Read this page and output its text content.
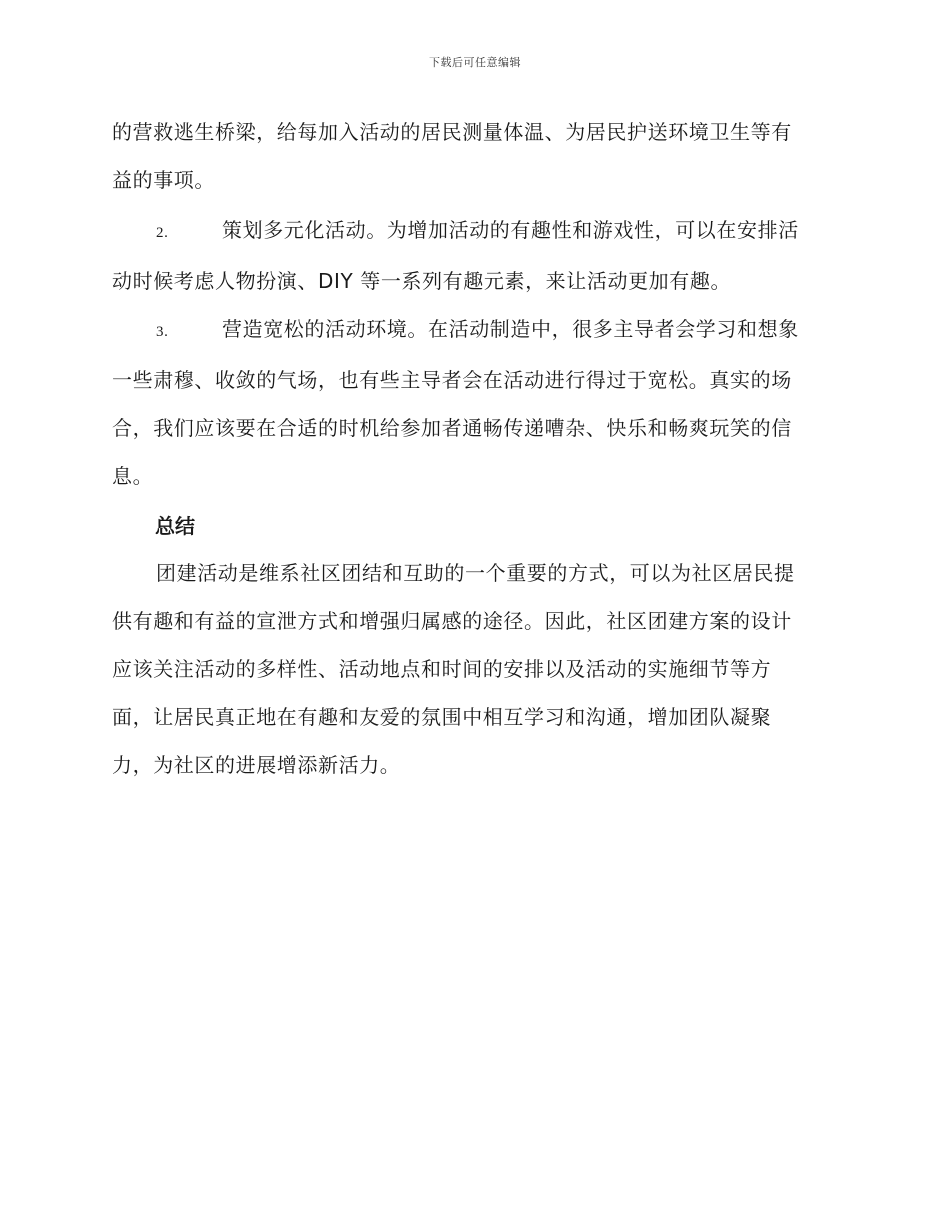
下载后可任意编辑
的营救逃生桥梁，给每加入活动的居民测量体温、为居民护送环境卫生等有
益的事项。
2.	策划多元化活动。为增加活动的有趣性和游戏性，可以在安排活
动时候考虑人物扮演、DIY 等一系列有趣元素，来让活动更加有趣。
3.	营造宽松的活动环境。在活动制造中，很多主导者会学习和想象
一些肃穆、收敛的气场，也有些主导者会在活动进行得过于宽松。真实的场
合，我们应该要在合适的时机给参加者通畅传递嘈杂、快乐和畅爽玩笑的信
息。
总结
团建活动是维系社区团结和互助的一个重要的方式，可以为社区居民提
供有趣和有益的宣泄方式和增强归属感的途径。因此，社区团建方案的设计
应该关注活动的多样性、活动地点和时间的安排以及活动的实施细节等方
面，让居民真正地在有趣和友爱的氛围中相互学习和沟通，增加团队凝聚
力，为社区的进展增添新活力。
